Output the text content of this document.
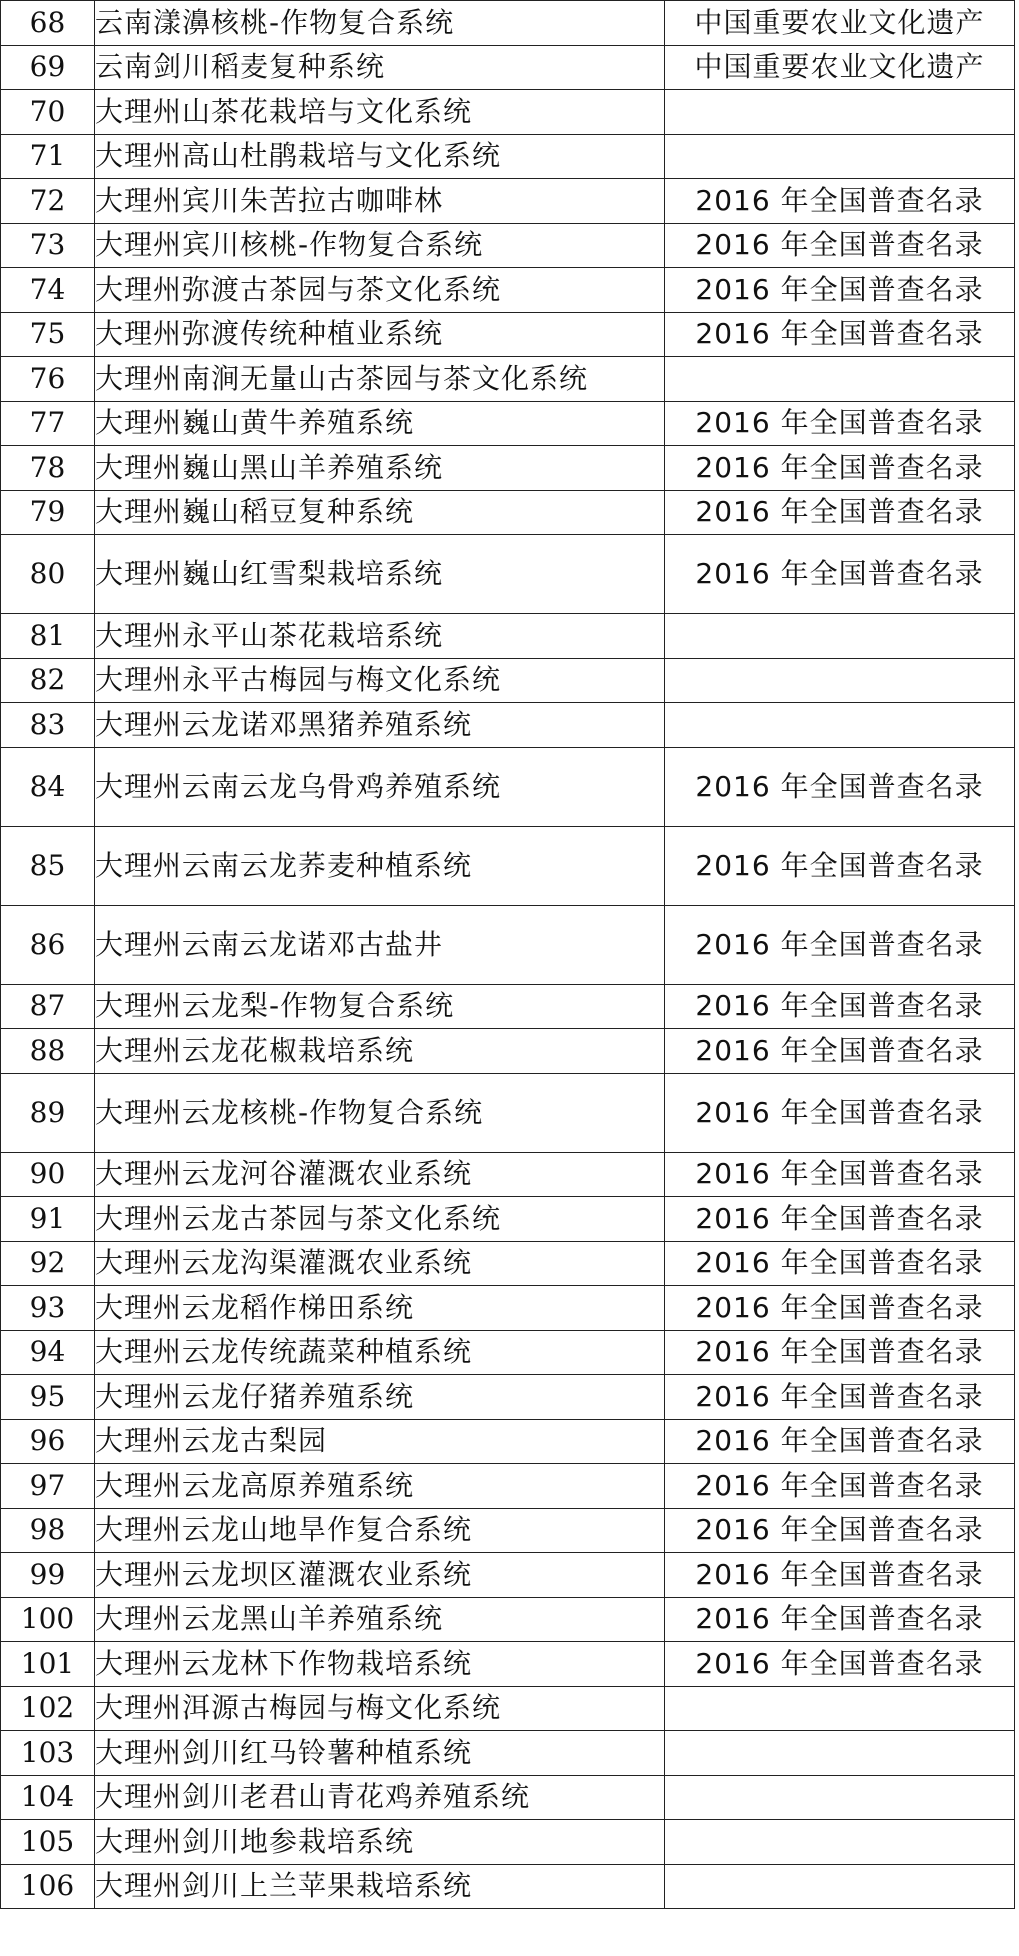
68	云南漾濞核桃-作物复合系统	中国重要农业文化遗产
69	云南剑川稻麦复种系统	中国重要农业文化遗产
70	大理州山茶花栽培与文化系统	
71	大理州高山杜鹃栽培与文化系统	
72	大理州宾川朱苦拉古咖啡林	2016 年全国普查名录
73	大理州宾川核桃-作物复合系统	2016 年全国普查名录
74	大理州弥渡古茶园与茶文化系统	2016 年全国普查名录
75	大理州弥渡传统种植业系统	2016 年全国普查名录
76	大理州南涧无量山古茶园与茶文化系统	
77	大理州巍山黄牛养殖系统	2016 年全国普查名录
78	大理州巍山黑山羊养殖系统	2016 年全国普查名录
79	大理州巍山稻豆复种系统	2016 年全国普查名录
80	大理州巍山红雪梨栽培系统	2016 年全国普查名录
81	大理州永平山茶花栽培系统	
82	大理州永平古梅园与梅文化系统	
83	大理州云龙诺邓黑猪养殖系统	
84	大理州云南云龙乌骨鸡养殖系统	2016 年全国普查名录
85	大理州云南云龙荞麦种植系统	2016 年全国普查名录
86	大理州云南云龙诺邓古盐井	2016 年全国普查名录
87	大理州云龙梨-作物复合系统	2016 年全国普查名录
88	大理州云龙花椒栽培系统	2016 年全国普查名录
89	大理州云龙核桃-作物复合系统	2016 年全国普查名录
90	大理州云龙河谷灌溉农业系统	2016 年全国普查名录
91	大理州云龙古茶园与茶文化系统	2016 年全国普查名录
92	大理州云龙沟渠灌溉农业系统	2016 年全国普查名录
93	大理州云龙稻作梯田系统	2016 年全国普查名录
94	大理州云龙传统蔬菜种植系统	2016 年全国普查名录
95	大理州云龙仔猪养殖系统	2016 年全国普查名录
96	大理州云龙古梨园	2016 年全国普查名录
97	大理州云龙高原养殖系统	2016 年全国普查名录
98	大理州云龙山地旱作复合系统	2016 年全国普查名录
99	大理州云龙坝区灌溉农业系统	2016 年全国普查名录
100	大理州云龙黑山羊养殖系统	2016 年全国普查名录
101	大理州云龙林下作物栽培系统	2016 年全国普查名录
102	大理州洱源古梅园与梅文化系统	
103	大理州剑川红马铃薯种植系统	
104	大理州剑川老君山青花鸡养殖系统	
105	大理州剑川地参栽培系统	
106	大理州剑川上兰苹果栽培系统	
